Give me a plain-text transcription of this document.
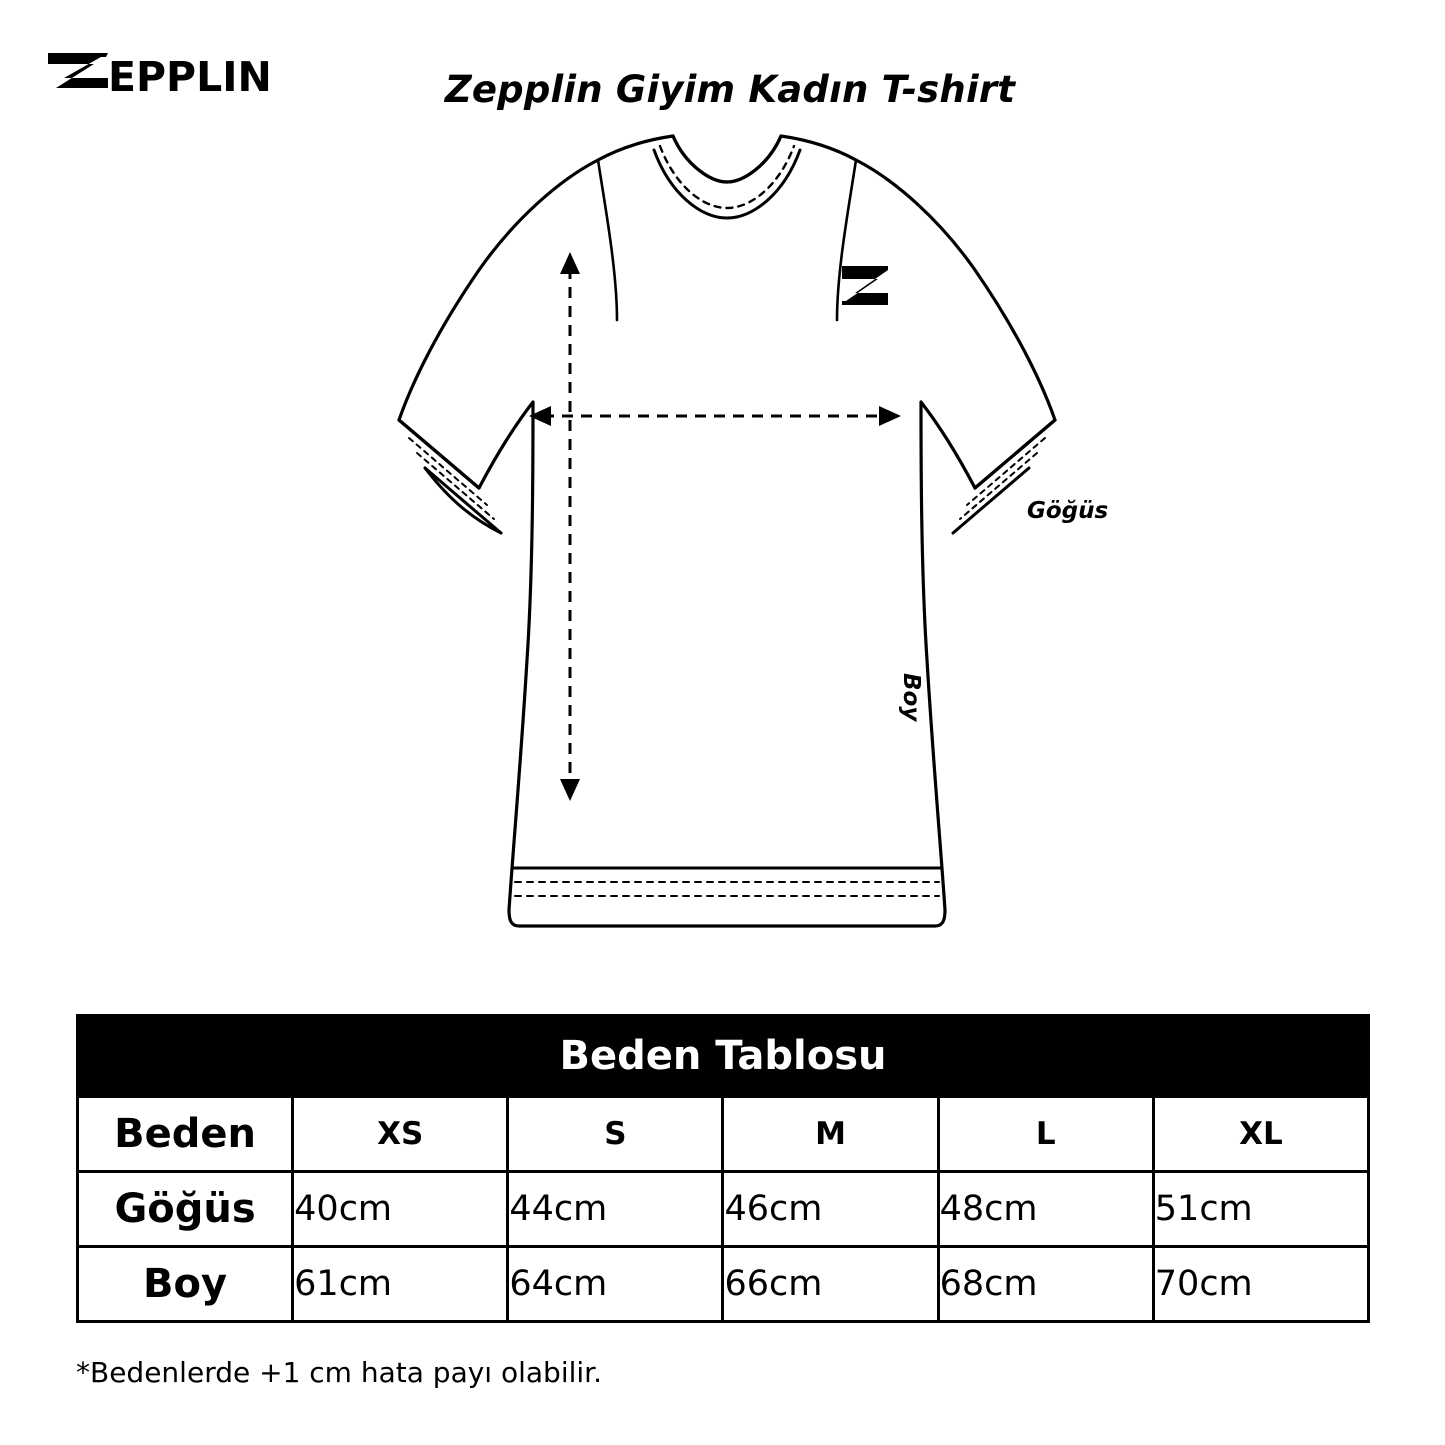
EPPLIN	Zepplin Giyim Kadın T-shirt
Göğüs
Boy
Beden Tablosu					
Beden	XS	S	M	L	XL
Göğüs	40cm	44cm	46cm	48cm	51cm
Boy	61cm	64cm	66cm	68cm	70cm
*Bedenlerde +1 cm hata payı olabilir.
